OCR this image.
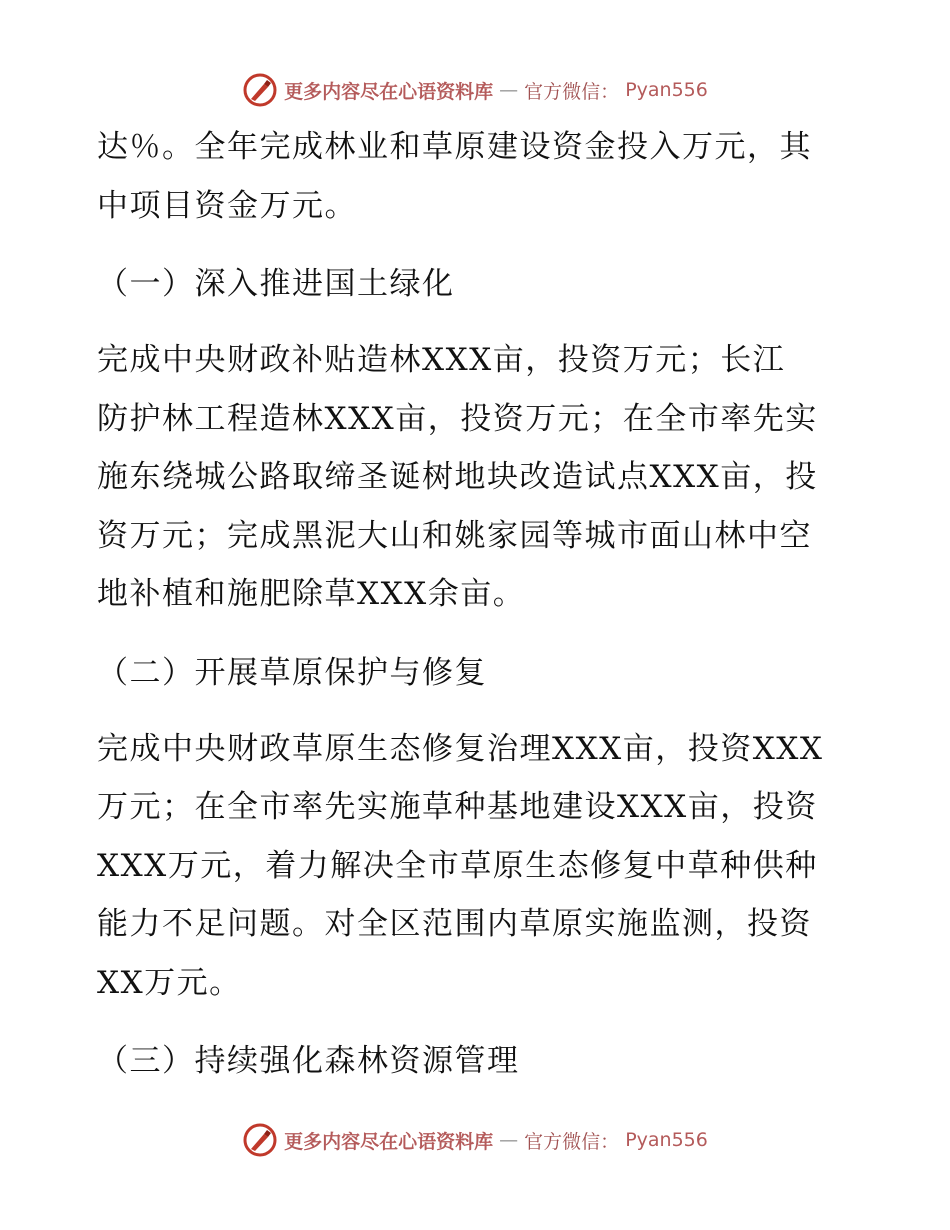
更多内容尽在心语资料库 — 官方微信： Pyan556

达％。全年完成林业和草原建设资金投入万元，其
中项目资金万元。

（一）深入推进国土绿化

完成中央财政补贴造林XXX亩，投资万元；长江
防护林工程造林XXX亩，投资万元；在全市率先实
施东绕城公路取缔圣诞树地块改造试点XXX亩，投
资万元；完成黑泥大山和姚家园等城市面山林中空
地补植和施肥除草XXX余亩。

（二）开展草原保护与修复

完成中央财政草原生态修复治理XXX亩，投资XXX
万元；在全市率先实施草种基地建设XXX亩，投资
XXX万元，着力解决全市草原生态修复中草种供种
能力不足问题。对全区范围内草原实施监测，投资
XX万元。

（三）持续强化森林资源管理

更多内容尽在心语资料库 — 官方微信： Pyan556
